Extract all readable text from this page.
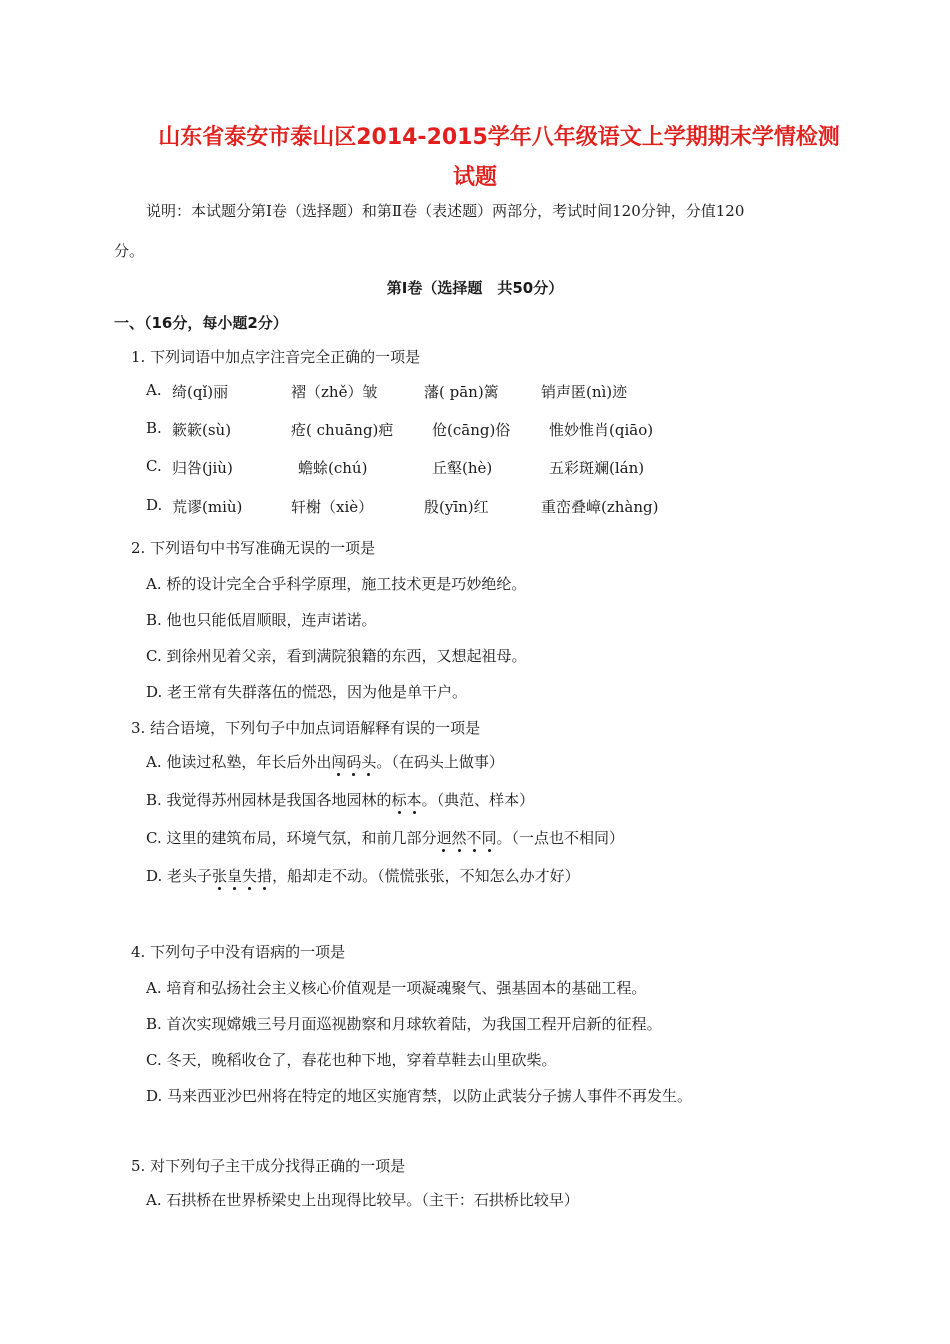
山东省泰安市泰山区2014-2015学年八年级语文上学期期末学情检测
试题
说明：本试题分第Ⅰ卷（选择题）和第Ⅱ卷（表述题）两部分，考试时间120分钟，分值120
分。
第Ⅰ卷（选择题　共50分）
一、（16分，每小题2分）
1. 下列词语中加点字注音完全正确的一项是
A. 绮(qǐ)丽	褶（zhě）皱	藩( pān)篱	销声匿(nì)迹
B. 簌簌(sù)	疮( chuāng)疤	伧(cāng)俗	惟妙惟肖(qiāo)
C. 归咎(jiù)	蟾蜍(chú)	丘壑(hè)	五彩斑斓(lán)
D. 荒谬(miù)	轩榭（xiè）	殷(yīn)红	重峦叠嶂(zhàng)
2. 下列语句中书写准确无误的一项是
A. 桥的设计完全合乎科学原理，施工技术更是巧妙绝纶。
B. 他也只能低眉顺眼，连声诺诺。
C. 到徐州见着父亲，看到满院狼籍的东西，又想起祖母。
D. 老王常有失群落伍的慌恐，因为他是单干户。
3. 结合语境，下列句子中加点词语解释有误的一项是
A. 他读过私塾，年长后外出闯码头。（在码头上做事）
B. 我觉得苏州园林是我国各地园林的标本。（典范、样本）
C. 这里的建筑布局，环境气氛，和前几部分迥然不同。（一点也不相同）
D. 老头子张皇失措，船却走不动。（慌慌张张，不知怎么办才好）
4. 下列句子中没有语病的一项是
A. 培育和弘扬社会主义核心价值观是一项凝魂聚气、强基固本的基础工程。
B. 首次实现嫦娥三号月面巡视勘察和月球软着陆，为我国工程开启新的征程。
C. 冬天，晚稻收仓了，春花也种下地，穿着草鞋去山里砍柴。
D. 马来西亚沙巴州将在特定的地区实施宵禁，以防止武装分子掳人事件不再发生。
5. 对下列句子主干成分找得正确的一项是
A. 石拱桥在世界桥梁史上出现得比较早。（主干：石拱桥比较早）
